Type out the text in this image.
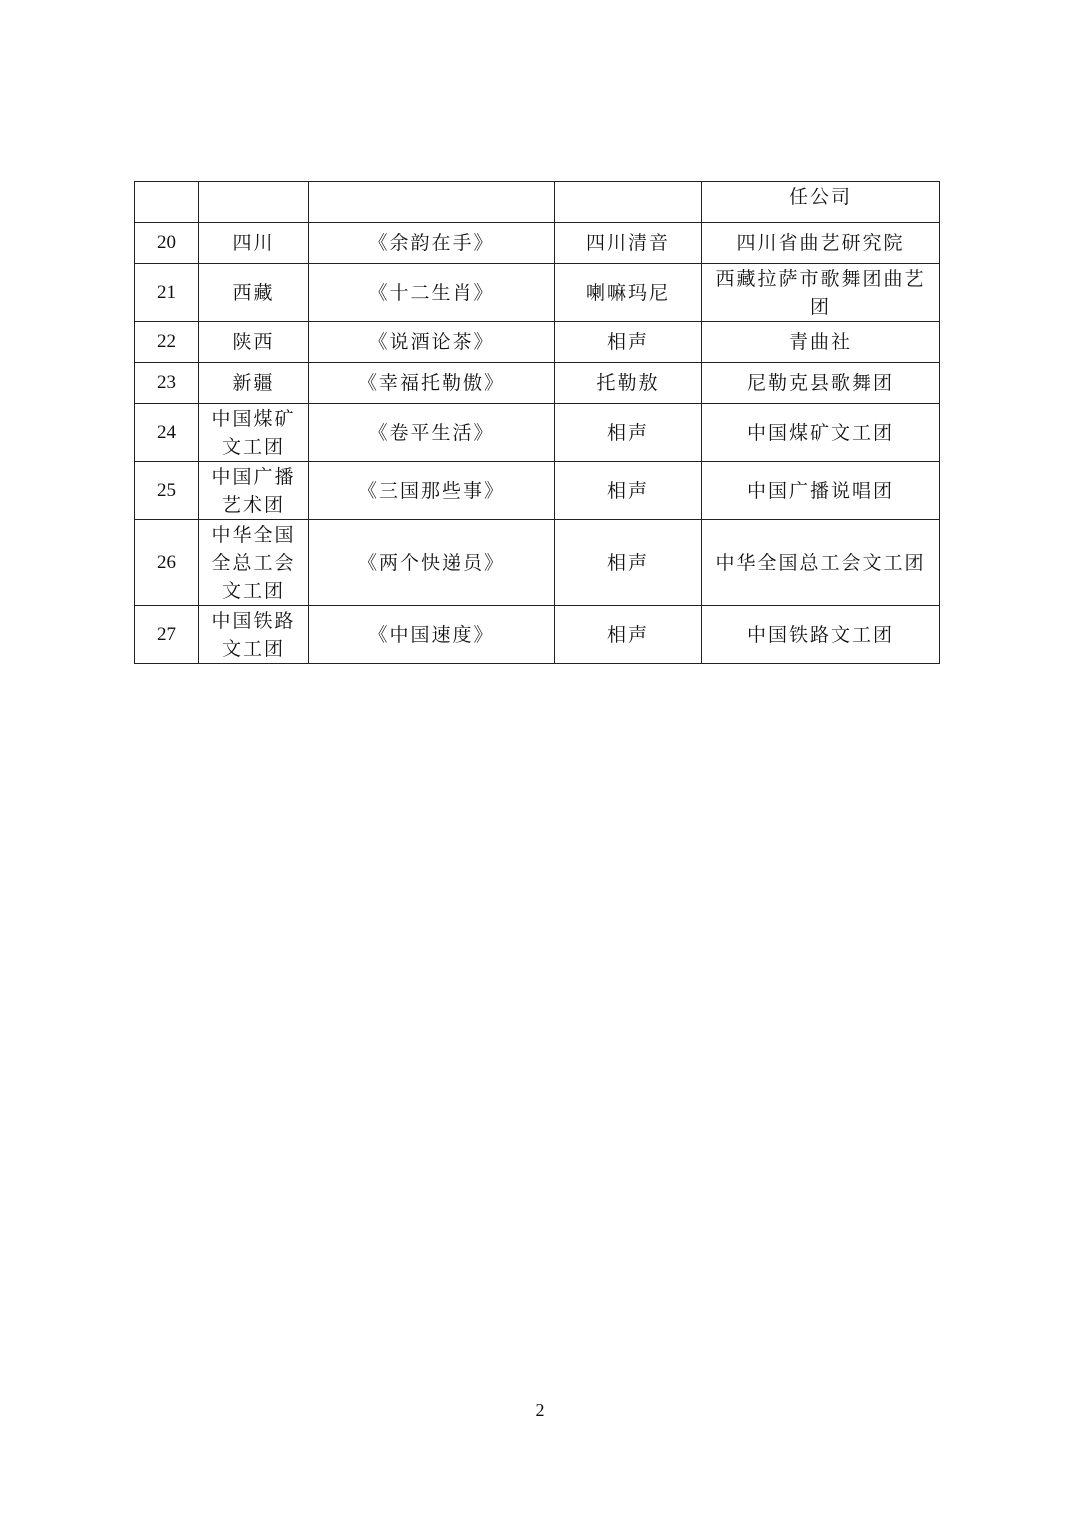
				任公司
20	四川	《余韵在手》	四川清音	四川省曲艺研究院
21	西藏	《十二生肖》	喇嘛玛尼	西藏拉萨市歌舞团曲艺团
22	陕西	《说酒论茶》	相声	青曲社
23	新疆	《幸福托勒傲》	托勒敖	尼勒克县歌舞团
24	中国煤矿文工团	《卷平生活》	相声	中国煤矿文工团
25	中国广播艺术团	《三国那些事》	相声	中国广播说唱团
26	中华全国全总工会文工团	《两个快递员》	相声	中华全国总工会文工团
27	中国铁路文工团	《中国速度》	相声	中国铁路文工团
2
